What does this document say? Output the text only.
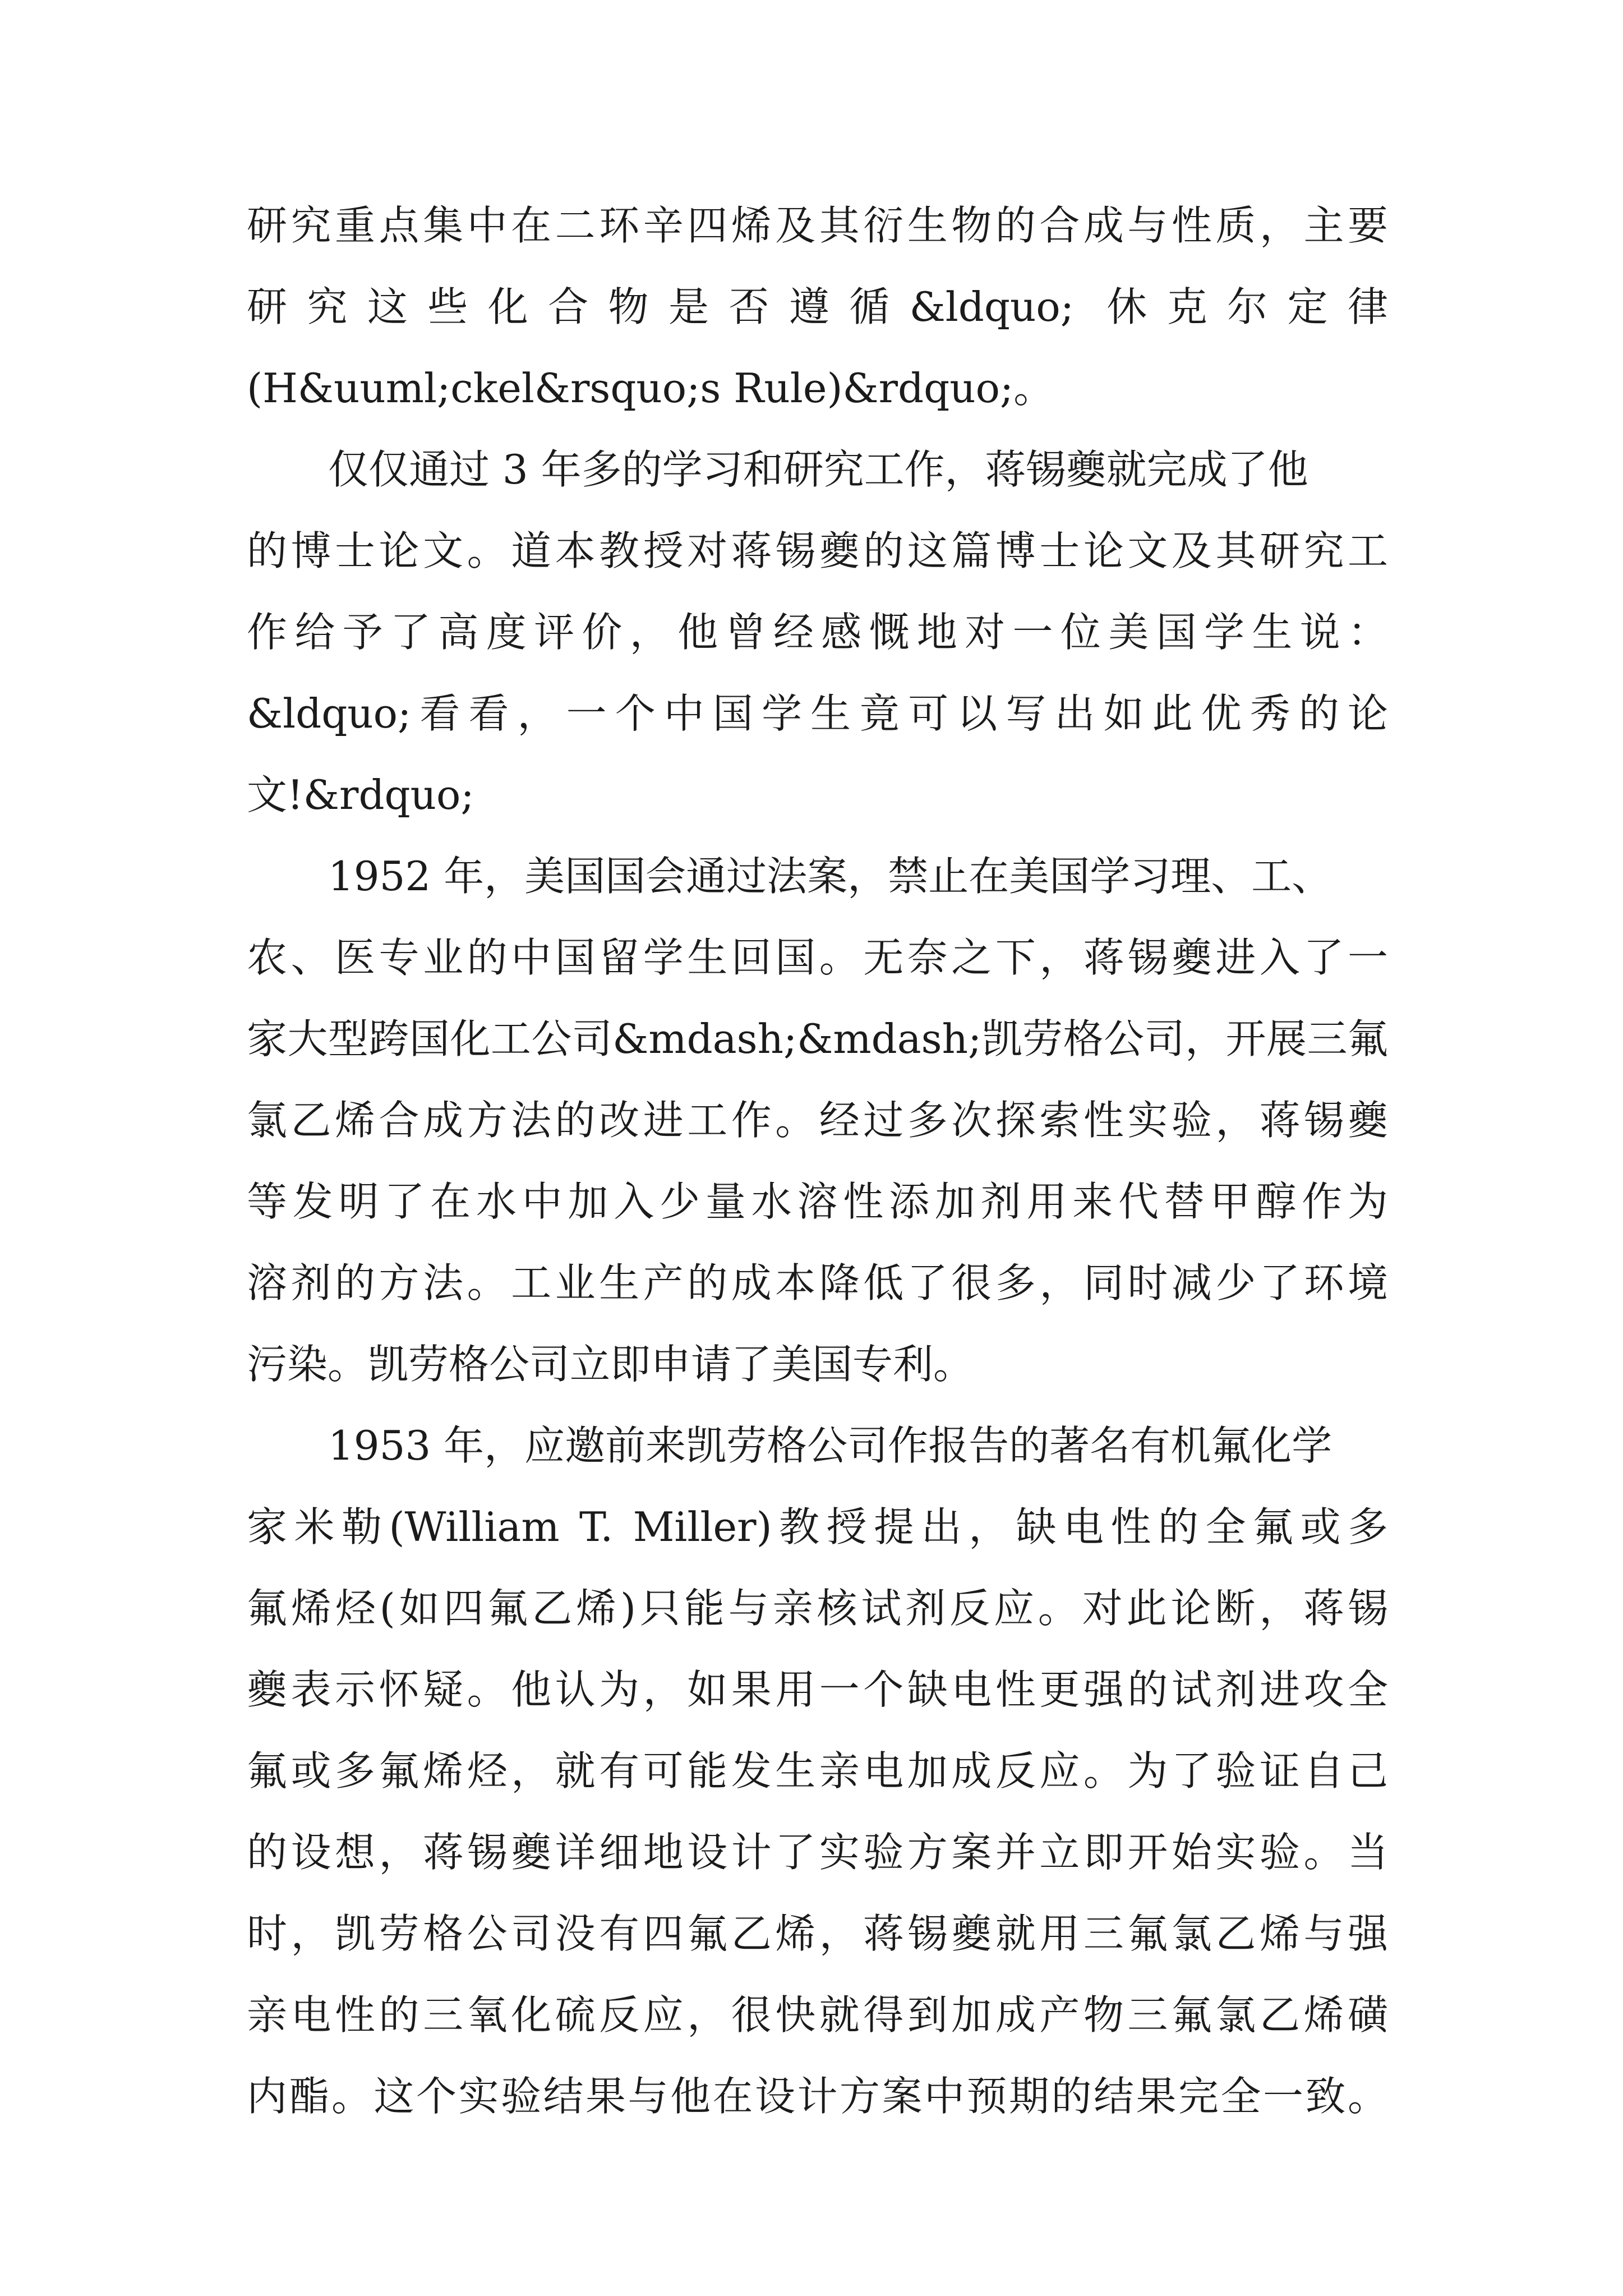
研究重点集中在二环辛四烯及其衍生物的合成与性质，主要
研究这些化合物是否遵循&ldquo; 休克尔定律
(H&uuml;ckel&rsquo;s Rule)&rdquo;。
仅仅通过 3 年多的学习和研究工作，蒋锡夔就完成了他
的博士论文。道本教授对蒋锡夔的这篇博士论文及其研究工
作给予了高度评价，他曾经感慨地对一位美国学生说：
&ldquo;看看，一个中国学生竟可以写出如此优秀的论
文!&rdquo;
1952 年，美国国会通过法案，禁止在美国学习理、工、
农、医专业的中国留学生回国。无奈之下，蒋锡夔进入了一
家大型跨国化工公司&mdash;&mdash;凯劳格公司，开展三氟
氯乙烯合成方法的改进工作。经过多次探索性实验，蒋锡夔
等发明了在水中加入少量水溶性添加剂用来代替甲醇作为
溶剂的方法。工业生产的成本降低了很多，同时减少了环境
污染。凯劳格公司立即申请了美国专利。
1953 年，应邀前来凯劳格公司作报告的著名有机氟化学
家米勒(William T. Miller)教授提出，缺电性的全氟或多
氟烯烃(如四氟乙烯)只能与亲核试剂反应。对此论断，蒋锡
夔表示怀疑。他认为，如果用一个缺电性更强的试剂进攻全
氟或多氟烯烃，就有可能发生亲电加成反应。为了验证自己
的设想，蒋锡夔详细地设计了实验方案并立即开始实验。当
时，凯劳格公司没有四氟乙烯，蒋锡夔就用三氟氯乙烯与强
亲电性的三氧化硫反应，很快就得到加成产物三氟氯乙烯磺
内酯。这个实验结果与他在设计方案中预期的结果完全一致。
